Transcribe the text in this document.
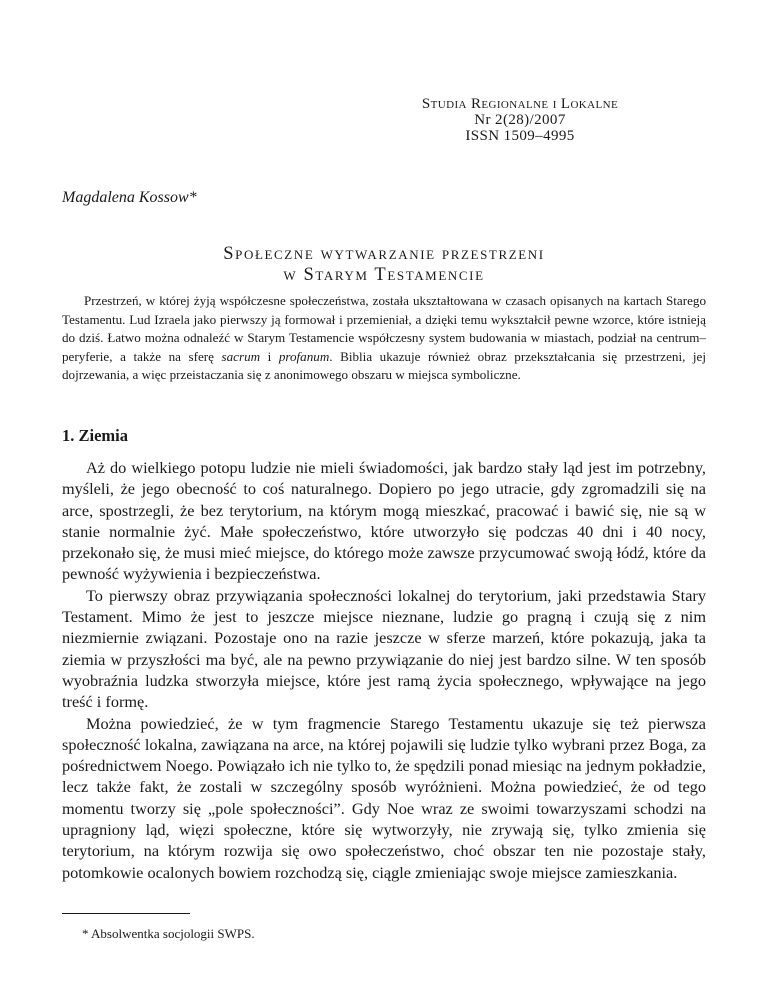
Studia Regionalne i Lokalne
Nr 2(28)/2007
ISSN 1509–4995
Magdalena Kossow*
Społeczne wytwarzanie przestrzeni
w Starym Testamencie

Przestrzeń, w której żyją współczesne społeczeństwa, została ukształtowana w czasach opisanych na kartach Starego Testamentu. Lud Izraela jako pierwszy ją formował i przemieniał, a dzięki temu wykształcił pewne wzorce, które istnieją do dziś. Łatwo można odnaleźć w Starym Testamencie współczesny system budowania w miastach, podział na centrum–peryferie, a także na sferę sacrum i profanum. Biblia ukazuje również obraz przekształcania się przestrzeni, jej dojrzewania, a więc przeistaczania się z anonimowego obszaru w miejsca symboliczne.

1. Ziemia

Aż do wielkiego potopu ludzie nie mieli świadomości, jak bardzo stały ląd jest im potrzebny, myśleli, że jego obecność to coś naturalnego. Dopiero po jego utracie, gdy zgromadzili się na arce, spostrzegli, że bez terytorium, na którym mogą mieszkać, pracować i bawić się, nie są w stanie normalnie żyć. Małe społeczeństwo, które utworzyło się podczas 40 dni i 40 nocy, przekonało się, że musi mieć miejsce, do którego może zawsze przycumować swoją łódź, które da pewność wyżywienia i bezpieczeństwa.

To pierwszy obraz przywiązania społeczności lokalnej do terytorium, jaki przedstawia Stary Testament. Mimo że jest to jeszcze miejsce nieznane, ludzie go pragną i czują się z nim niezmiernie związani. Pozostaje ono na razie jeszcze w sferze marzeń, które pokazują, jaka ta ziemia w przyszłości ma być, ale na pewno przywiązanie do niej jest bardzo silne. W ten sposób wyobraźnia ludzka stworzyła miejsce, które jest ramą życia społecznego, wpływające na jego treść i formę.

Można powiedzieć, że w tym fragmencie Starego Testamentu ukazuje się też pierwsza społeczność lokalna, zawiązana na arce, na której pojawili się ludzie tylko wybrani przez Boga, za pośrednictwem Noego. Powiązało ich nie tylko to, że spędzili ponad miesiąc na jednym pokładzie, lecz także fakt, że zostali w szczególny sposób wyróżnieni. Można powiedzieć, że od tego momentu tworzy się „pole społeczności”. Gdy Noe wraz ze swoimi towarzyszami schodzi na upragniony ląd, więzi społeczne, które się wytworzyły, nie zrywają się, tylko zmienia się terytorium, na którym rozwija się owo społeczeństwo, choć obszar ten nie pozostaje stały, potomkowie ocalonych bowiem rozchodzą się, ciągle zmieniając swoje miejsce zamieszkania.

* Absolwentka socjologii SWPS.
